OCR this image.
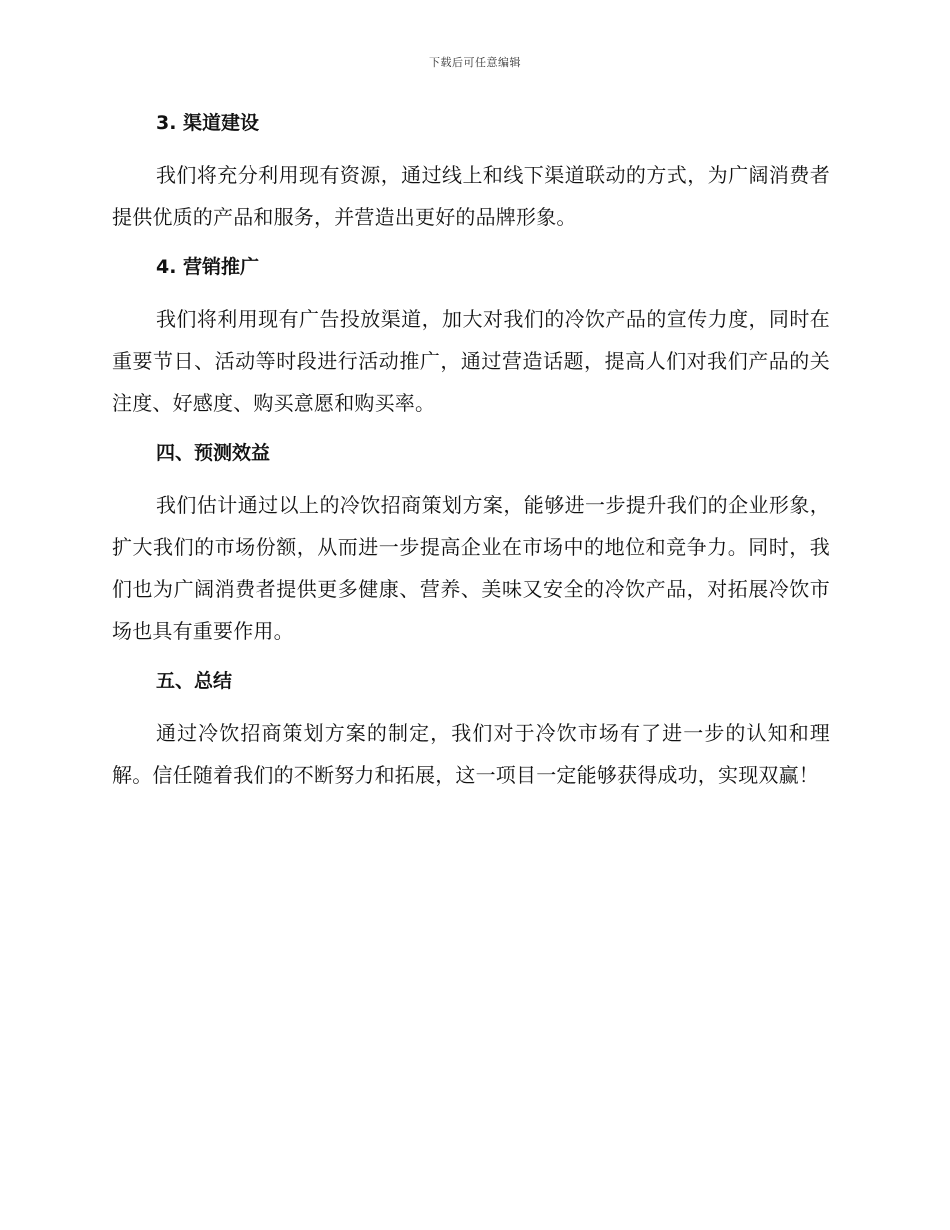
下载后可任意编辑
3. 渠道建设

我们将充分利用现有资源，通过线上和线下渠道联动的方式，为广阔消费者提供优质的产品和服务，并营造出更好的品牌形象。

4. 营销推广

我们将利用现有广告投放渠道，加大对我们的冷饮产品的宣传力度，同时在重要节日、活动等时段进行活动推广，通过营造话题，提高人们对我们产品的关注度、好感度、购买意愿和购买率。

四、预测效益

我们估计通过以上的冷饮招商策划方案，能够进一步提升我们的企业形象，扩大我们的市场份额，从而进一步提高企业在市场中的地位和竞争力。同时，我们也为广阔消费者提供更多健康、营养、美味又安全的冷饮产品，对拓展冷饮市场也具有重要作用。

五、总结

通过冷饮招商策划方案的制定，我们对于冷饮市场有了进一步的认知和理解。信任随着我们的不断努力和拓展，这一项目一定能够获得成功，实现双赢！
